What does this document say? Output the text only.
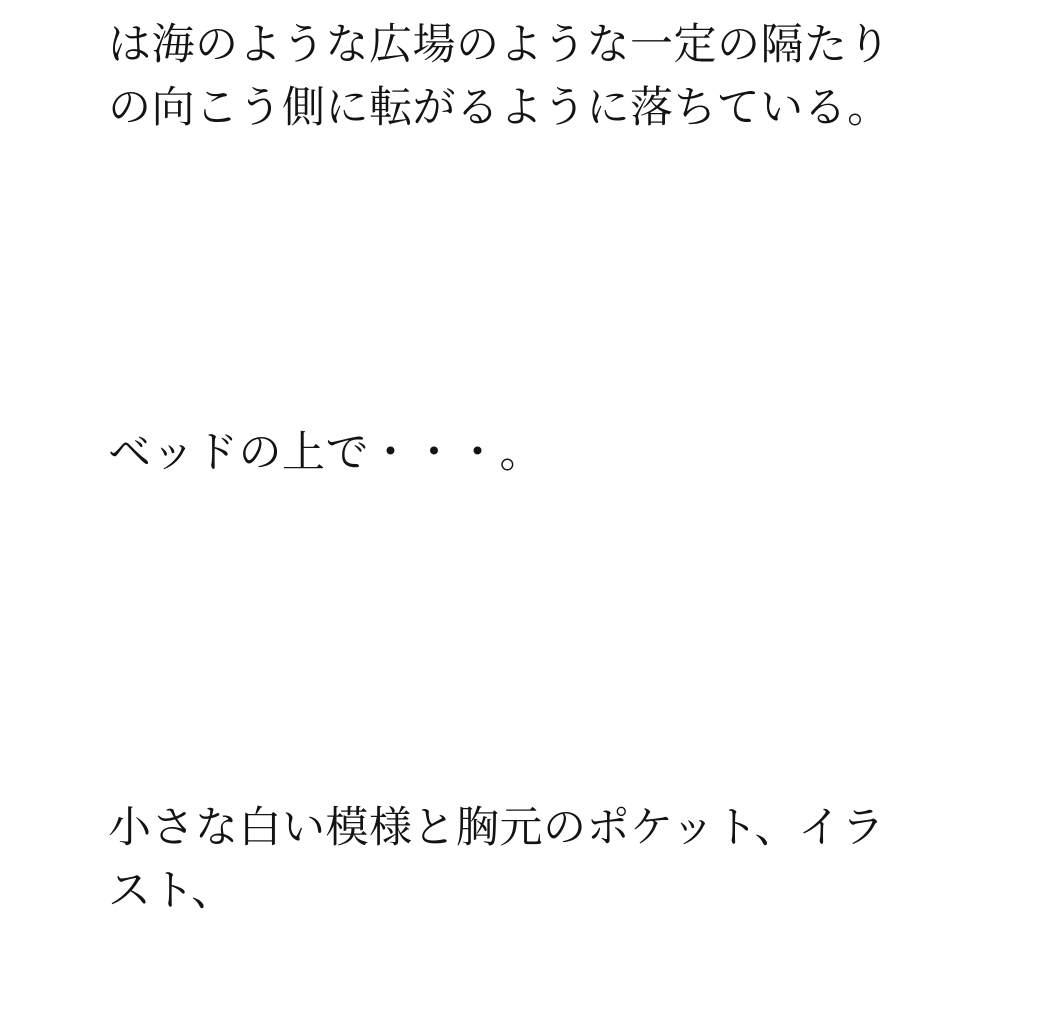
は海のような広場のような一定の隔たりの向こう側に転がるように落ちている。
ベッドの上で・・・。
小さな白い模様と胸元のポケット、イラスト、
